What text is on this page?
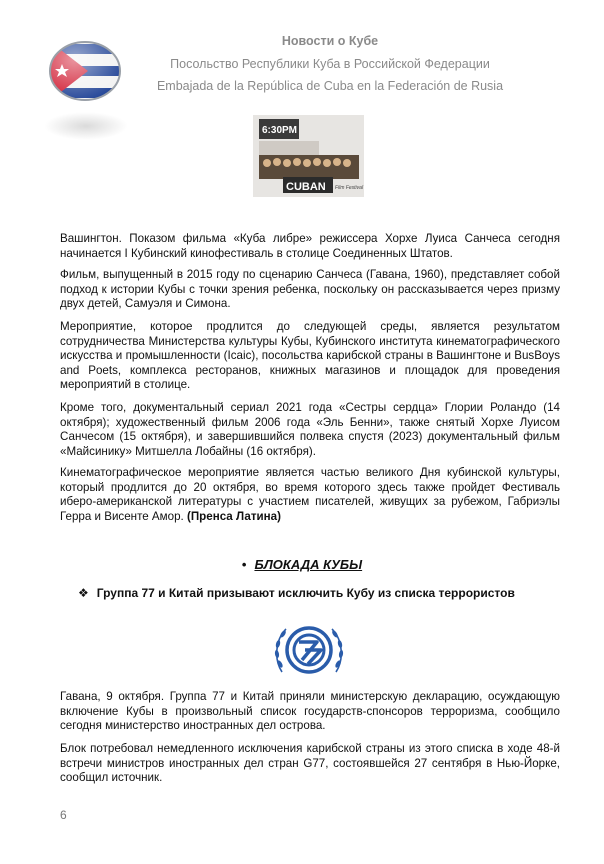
Новости о Кубе
Посольство Республики Куба в Российской Федерации
Embajada de la República de Cuba en la Federación de Rusia
6:30PM
CUBAN Film Festival

Вашингтон. Показом фильма «Куба либре» режиссера Хорхе Луиса Санчеса сегодня начинается I Кубинский кинофестиваль в столице Соединенных Штатов.

Фильм, выпущенный в 2015 году по сценарию Санчеса (Гавана, 1960), представляет собой подход к истории Кубы с точки зрения ребенка, поскольку он рассказывается через призму двух детей, Самуэля и Симона.

Мероприятие, которое продлится до следующей среды, является результатом сотрудничества Министерства культуры Кубы, Кубинского института кинематографического искусства и промышленности (Icaic), посольства карибской страны в Вашингтоне и BusBoys and Poets, комплекса ресторанов, книжных магазинов и площадок для проведения мероприятий в столице.

Кроме того, документальный сериал 2021 года «Сестры сердца» Глории Роландо (14 октября); художественный фильм 2006 года «Эль Бенни», также снятый Хорхе Луисом Санчесом (15 октября), и завершившийся полвека спустя (2023) документальный фильм «Майсинику» Митшелла Лобайны (16 октября).

Кинематографическое мероприятие является частью великого Дня кубинской культуры, который продлится до 20 октября, во время которого здесь также пройдет Фестиваль иберо-американской литературы с участием писателей, живущих за рубежом, Габриэлы Герра и Висенте Амор. (Пренса Латина)

• БЛОКАДА КУБЫ
❖ Группа 77 и Китай призывают исключить Кубу из списка террористов

Гавана, 9 октября. Группа 77 и Китай приняли министерскую декларацию, осуждающую включение Кубы в произвольный список государств-спонсоров терроризма, сообщило сегодня министерство иностранных дел острова.

Блок потребовал немедленного исключения карибской страны из этого списка в ходе 48-й встречи министров иностранных дел стран G77, состоявшейся 27 сентября в Нью-Йорке, сообщил источник.

6
